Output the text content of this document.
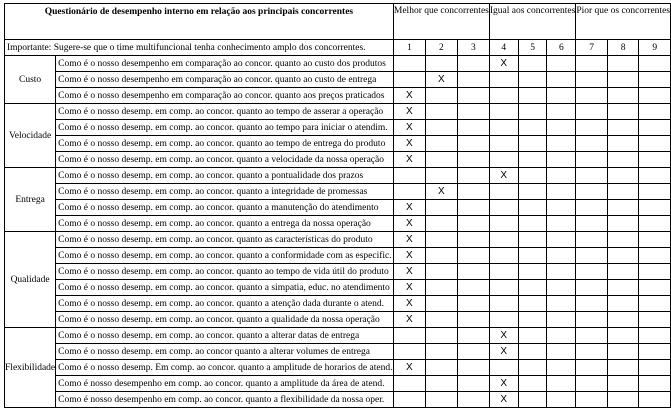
Questionário de desempenho interno em relação aos principais concorrentes		Melhor que concorrentes			Igual aos concorrentes			Pior que os concorrentes		
Importante: Sugere-se que o time multifuncional tenha conhecimento amplo dos concorrentes.		1	2	3	4	5	6	7	8	9
Custo	Como é o nosso desempenho em comparação ao concor. quanto ao custo dos produtos				X					
	Como é o nosso desempenho em comparação ao concor. quanto ao custo de entrega		X							
	Como é o nosso desempenho em comparação ao concor. quanto aos preços praticados	X								
Velocidade	Como é o nosso desemp. em comp. ao concor. quanto ao tempo de asserar a operação	X								
	Como é o nosso desemp. em comp. ao concor. quanto ao tempo para iniciar o atendim.	X								
	Como é o nosso desemp. em comp. ao concor. quanto ao tempo de entrega do produto	X								
	Como é o nosso desemp. em comp. ao concor. quanto a velocidade da nossa operação	X								
Entrega	Como é o nosso desemp. em comp. ao concor. quanto a pontualidade dos prazos				X					
	Como é o nosso desemp. em comp. ao concor. quanto a integridade de promessas		X							
	Como é o nosso desemp. em comp. ao concor. quanto a manutenção do atendimento	X								
	Como é o nosso desemp. em comp. ao concor. quanto a entrega da nossa operação	X								
Qualidade	Como é o nosso desemp. em comp. ao concor. quanto as características do produto	X								
	Como é o nosso desemp. em comp. ao concor. quanto a conformidade com as especific.	X								
	Como é o nosso desemp. em comp. ao concor. quanto ao tempo de vida útil do produto	X								
	Como é o nosso desemp. em comp. ao concor. quanto a simpatia, educ. no atendimento	X								
	Como é o nosso desemp. em comp. ao concor. quanto a atenção dada durante o atend.	X								
	Como é o nosso desemp. em comp. ao concor. quanto a qualidade da nossa operação	X								
Flexibilidade	Como é o nosso desemp. em comp. ao concor. quanto a alterar datas de entrega				X					
	Como é o nosso desemp. em comp. ao concor quanto a alterar volumes de entrega				X					
	Como é o nosso desemp. Em comp. ao concor. quanto a amplitude de horarios de atend.	X								
	Como é nosso desempenho em comp. ao concor. quanto a amplitude da área de atend.				X					
	Como é nosso desempenho em comp. ao concor. quanto a flexibilidade da nossa oper.				X					
